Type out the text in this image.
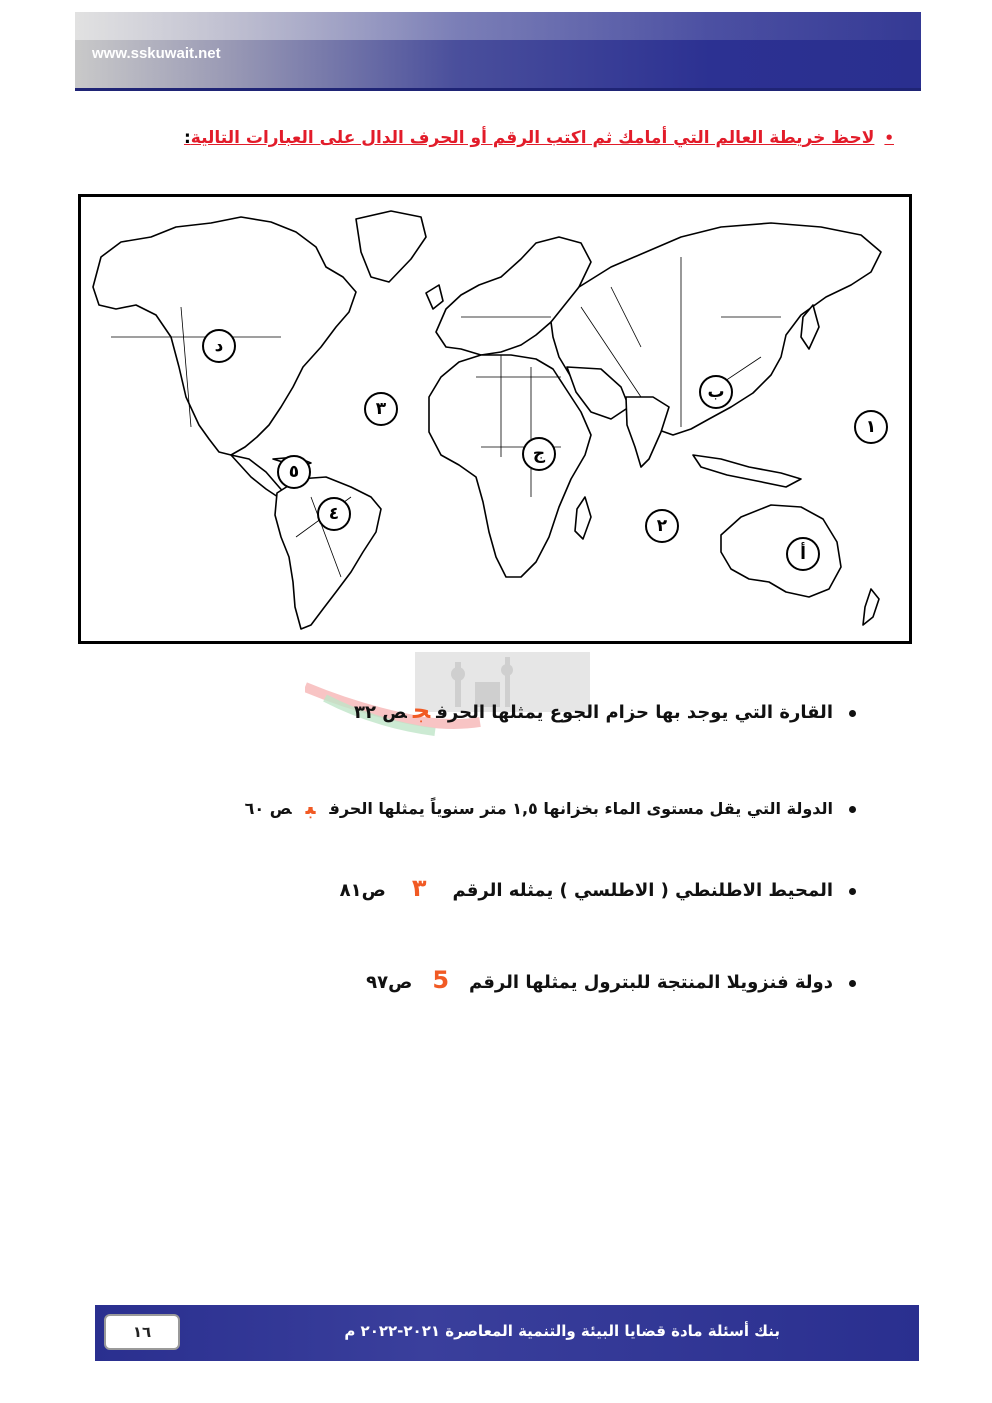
www.sskuwait.net
•لاحظ خريطة العالم التي أمامك ثم اكتب الرقم أو الحرف الدال على العبارات التالية:
د
٣
ب
١
ج
٥
٤
٢
أ
القارة التي يوجد بها حزام الجوع يمثلها الحرفجص ٣٢
الدولة التي يقل مستوى الماء بخزانها ١,٥ متر سنوياً يمثلها الحرفبص ٦٠
المحيط الاطلنطي ( الاطلسي ) يمثله الرقم٣ص٨١
دولة فنزويلا المنتجة للبترول يمثلها الرقم5ص٩٧
١٦	بنك أسئلة مادة قضايا البيئة والتنمية المعاصرة ٢٠٢١-٢٠٢٢ م
